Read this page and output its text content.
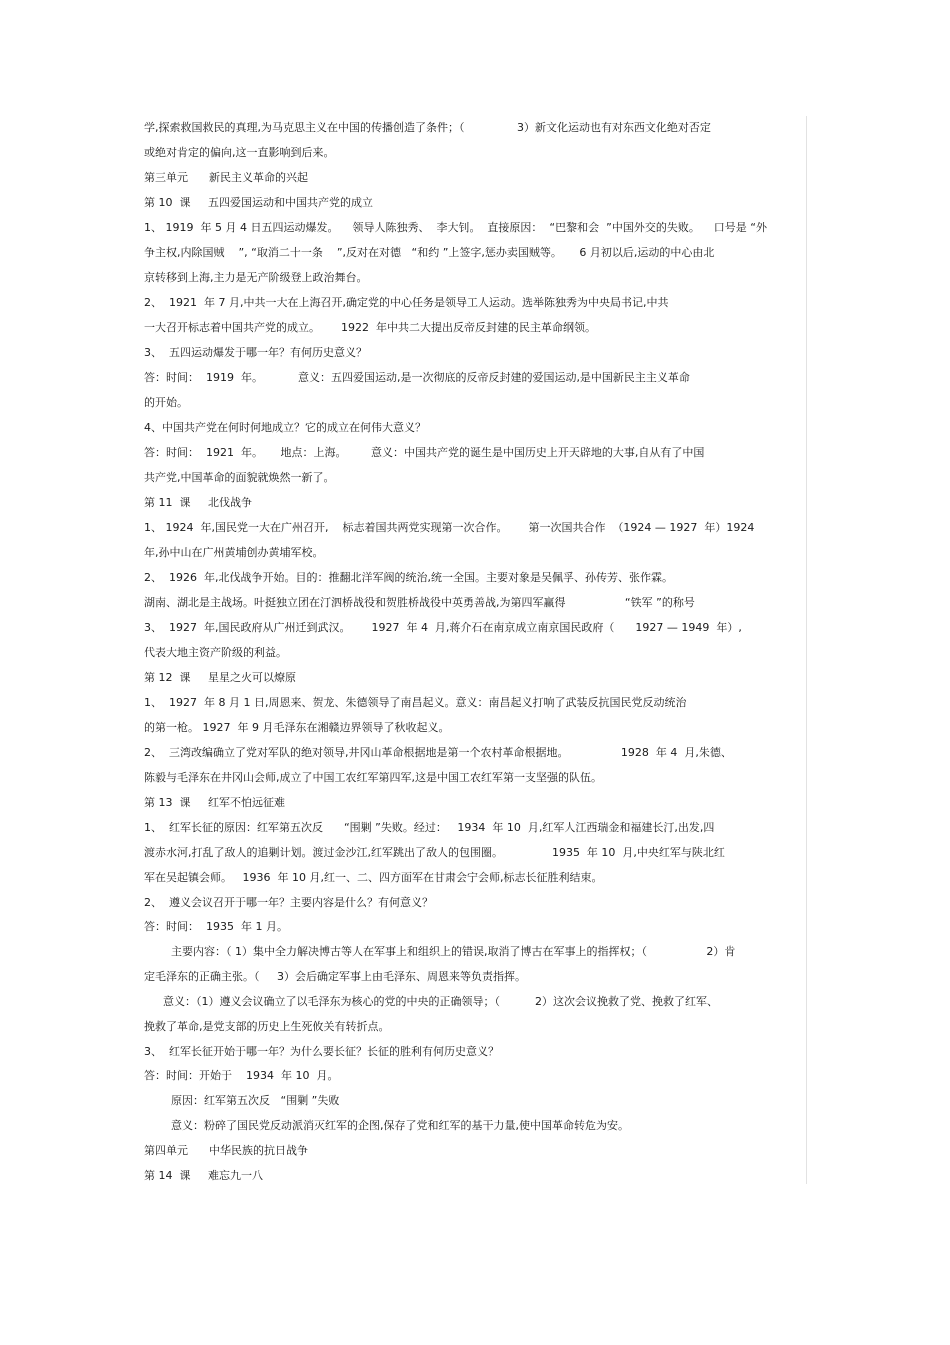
学,探索救国救民的真理,为马克思主义在中国的传播创造了条件；（               3）新文化运动也有对东西文化绝对否定
或绝对肯定的偏向,这一直影响到后来。
第三单元      新民主义革命的兴起
第 10  课     五四爱国运动和中国共产党的成立
1、 1919  年 5 月 4 日五四运动爆发。    领导人陈独秀、  李大钊。  直接原因：  “巴黎和会  ”中国外交的失败。    口号是 “外
争主权,内除国贼    ”, “取消二十一条    ”,反对在对德   “和约 ”上签字,惩办卖国贼等。     6 月初以后,运动的中心由北
京转移到上海,主力是无产阶级登上政治舞台。
2、  1921  年 7 月,中共一大在上海召开,确定党的中心任务是领导工人运动。选举陈独秀为中央局书记,中共
一大召开标志着中国共产党的成立。      1922  年中共二大提出反帝反封建的民主革命纲领。
3、  五四运动爆发于哪一年？有何历史意义？
答：时间：  1919  年。          意义：五四爱国运动,是一次彻底的反帝反封建的爱国运动,是中国新民主主义革命
的开始。
4、中国共产党在何时何地成立？它的成立在何伟大意义？
答：时间：  1921  年。     地点：上海。       意义：中国共产党的诞生是中国历史上开天辟地的大事,自从有了中国
共产党,中国革命的面貌就焕然一新了。
第 11  课     北伐战争
1、 1924  年,国民党一大在广州召开,    标志着国共两党实现第一次合作。      第一次国共合作  （1924 — 1927  年）1924
年,孙中山在广州黄埔创办黄埔军校。
2、  1926  年,北伐战争开始。目的：推翻北洋军阀的统治,统一全国。主要对象是吴佩孚、孙传芳、张作霖。
湖南、湖北是主战场。叶挺独立团在汀泗桥战役和贺胜桥战役中英勇善战,为第四军赢得                 “铁军 ”的称号
3、  1927  年,国民政府从广州迁到武汉。      1927  年 4  月,蒋介石在南京成立南京国民政府（      1927 — 1949  年）,
代表大地主资产阶级的利益。
第 12  课     星星之火可以燎原
1、  1927  年 8 月 1 日,周恩来、贺龙、朱德领导了南昌起义。意义：南昌起义打响了武装反抗国民党反动统治
的第一枪。 1927  年 9 月毛泽东在湘赣边界领导了秋收起义。
2、  三湾改编确立了党对军队的绝对领导,井冈山革命根据地是第一个农村革命根据地。               1928  年 4  月,朱德、
陈毅与毛泽东在井冈山会师,成立了中国工农红军第四军,这是中国工农红军第一支坚强的队伍。
第 13  课     红军不怕远征难
1、  红军长征的原因：红军第五次反      “围剿 ”失败。经过：   1934  年 10  月,红军人江西瑞金和福建长汀,出发,四
渡赤水河,打乱了敌人的追剿计划。渡过金沙江,红军跳出了敌人的包围圈。              1935  年 10  月,中央红军与陕北红
军在吴起镇会师。   1936  年 10 月,红一、二、四方面军在甘肃会宁会师,标志长征胜利结束。
2、  遵义会议召开于哪一年？主要内容是什么？有何意义？
答：时间：  1935  年 1 月。
主要内容：（ 1）集中全力解决博古等人在军事上和组织上的错误,取消了博古在军事上的指挥权；（                 2）肯
定毛泽东的正确主张。（     3）会后确定军事上由毛泽东、周恩来等负责指挥。
意义：（1）遵义会议确立了以毛泽东为核心的党的中央的正确领导；（          2）这次会议挽救了党、挽救了红军、
挽救了革命,是党支部的历史上生死攸关有转折点。
3、  红军长征开始于哪一年？为什么要长征？长征的胜利有何历史意义？
答：时间：开始于    1934  年 10  月。
原因：红军第五次反   “围剿 ”失败
意义：粉碎了国民党反动派消灭红军的企图,保存了党和红军的基干力量,使中国革命转危为安。
第四单元      中华民族的抗日战争
第 14  课     难忘九一八
